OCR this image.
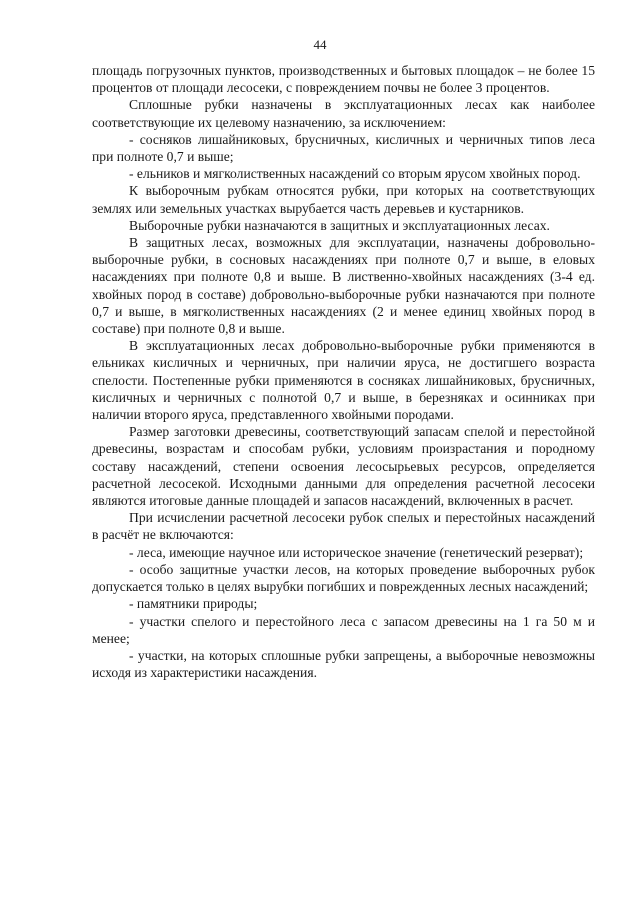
44

площадь погрузочных пунктов, производственных и бытовых площадок – не более 15 процентов от площади лесосеки, с повреждением почвы не более 3 процентов.

Сплошные рубки назначены в эксплуатационных лесах как наиболее соответствующие их целевому назначению, за исключением:

- сосняков лишайниковых, брусничных, кисличных и черничных типов леса при полноте 0,7 и выше;

- ельников и мягколиственных насаждений со вторым ярусом хвойных пород.

К выборочным рубкам относятся рубки, при которых на соответствующих землях или земельных участках вырубается часть деревьев и кустарников.

Выборочные рубки назначаются в защитных и эксплуатационных лесах.

В защитных лесах, возможных для эксплуатации, назначены добровольно-выборочные рубки, в сосновых насаждениях при полноте 0,7 и выше, в еловых насаждениях при полноте 0,8 и выше. В лиственно-хвойных насаждениях (3-4 ед. хвойных пород в составе) добровольно-выборочные рубки назначаются при полноте 0,7 и выше, в мягколиственных насаждениях (2 и менее единиц хвойных пород в составе) при полноте 0,8 и выше.

В эксплуатационных лесах добровольно-выборочные рубки применяются в ельниках кисличных и черничных, при наличии яруса, не достигшего возраста спелости. Постепенные рубки применяются в сосняках лишайниковых, брусничных, кисличных и черничных с полнотой 0,7 и выше, в березняках и осинниках при наличии второго яруса, представленного хвойными породами.

Размер заготовки древесины, соответствующий запасам спелой и перестойной древесины, возрастам и способам рубки, условиям произрастания и породному составу насаждений, степени освоения лесосырьевых ресурсов, определяется расчетной лесосекой. Исходными данными для определения расчетной лесосеки являются итоговые данные площадей и запасов насаждений, включенных в расчет.

При исчислении расчетной лесосеки рубок спелых и перестойных насаждений в расчёт не включаются:

- леса, имеющие научное или историческое значение (генетический резерват);

- особо защитные участки лесов, на которых проведение выборочных рубок допускается только в целях вырубки погибших и поврежденных лесных насаждений;

- памятники природы;

- участки спелого и перестойного леса с запасом древесины на 1 га 50 м и менее;

- участки, на которых сплошные рубки запрещены, а выборочные невозможны исходя из характеристики насаждения.
